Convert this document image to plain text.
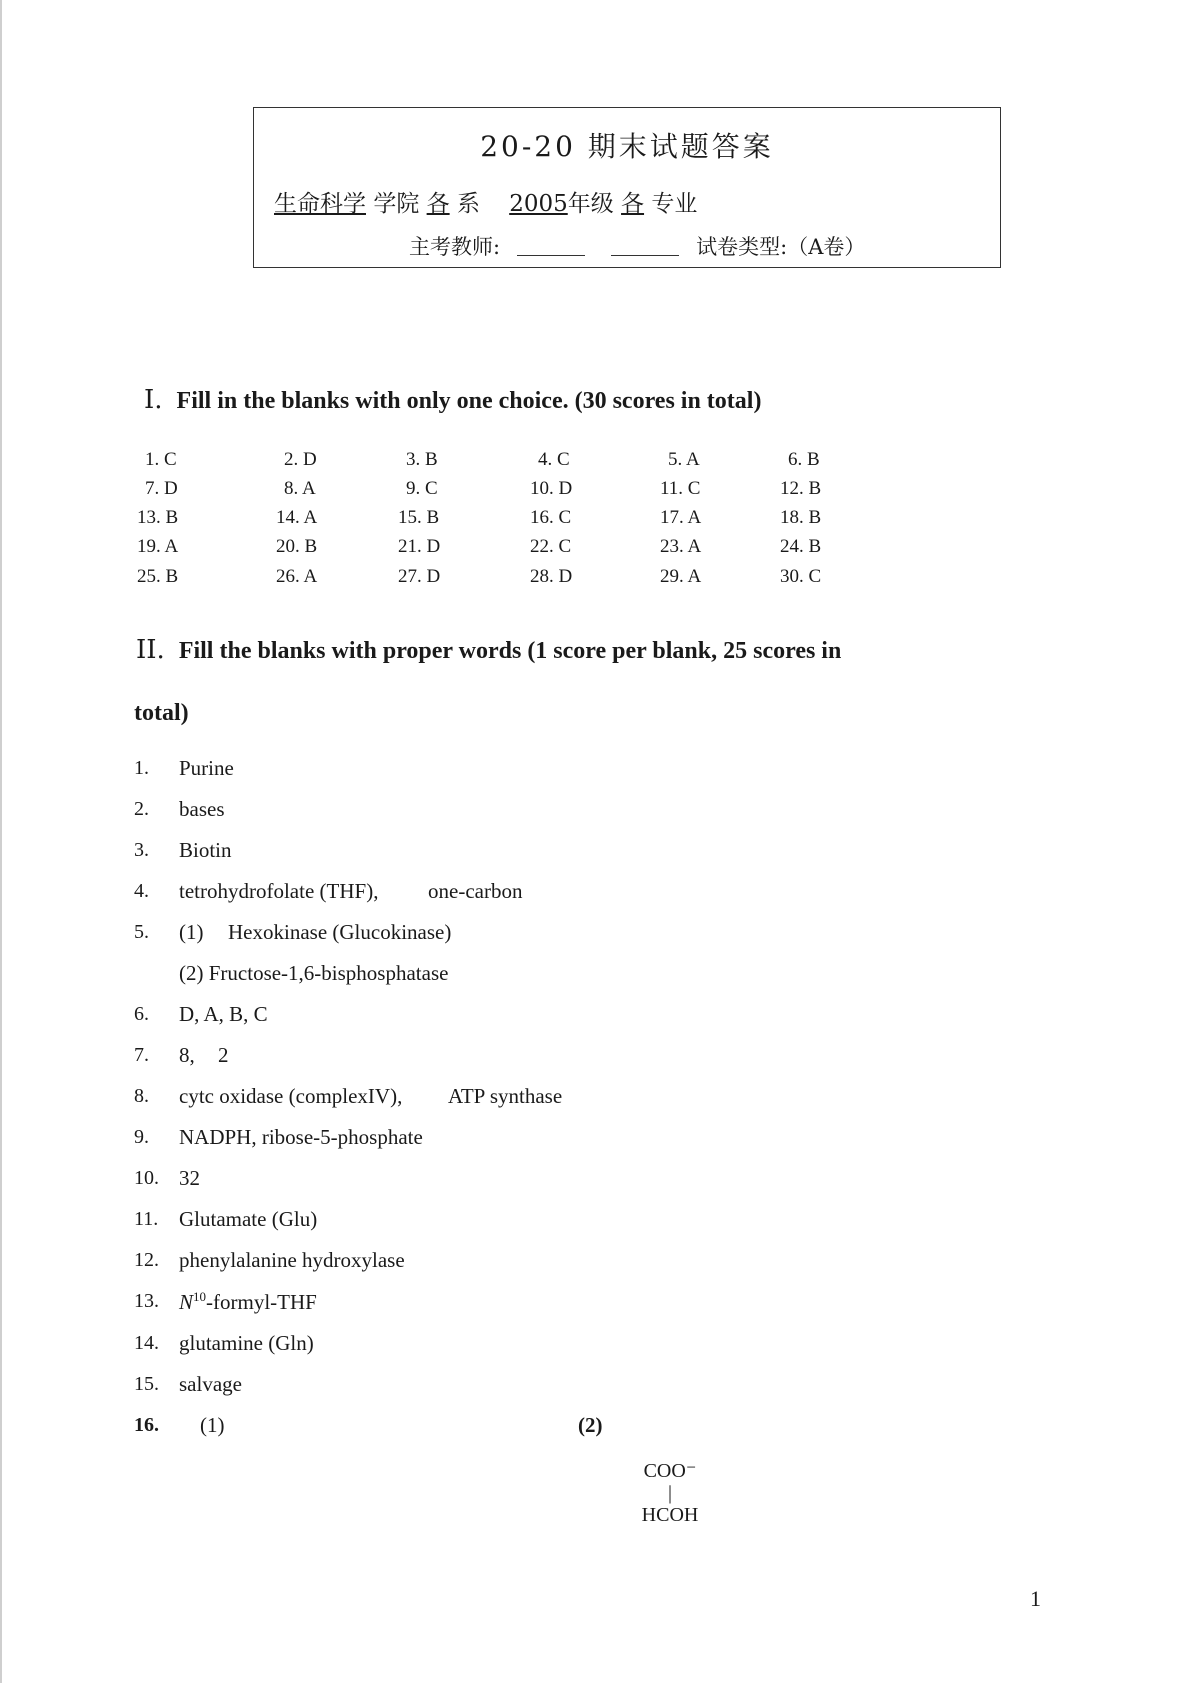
20-20 期末试题答案
生命科学 学院 各 系 2005年级 各 专业
主考教师:	试卷类型:（A卷）
I. Fill in the blanks with only one choice. (30 scores in total)
1. C	2. D	3. B	4. C	5. A	6. B
7. D	8. A	9. C	10. D	11. C	12. B
13. B	14. A	15. B	16. C	17. A	18. B
19. A	20. B	21. D	22. C	23. A	24. B
25. B	26. A	27. D	28. D	29. A	30. C
II. Fill the blanks with proper words (1 score per blank, 25 scores in
total)
1. Purine
2. bases
3. Biotin
4. tetrohydrofolate (THF), one-carbon
5. (1) Hexokinase (Glucokinase)
(2) Fructose-1,6-bisphosphatase
6. D, A, B, C
7. 8, 2
8. cytc oxidase (complexIV), ATP synthase
9. NADPH, ribose-5-phosphate
10. 32
11. Glutamate (Glu)
12. phenylalanine hydroxylase
13. $N^{10}-formyl$-THF
14. glutamine (Gln)
15. salvage
16. (1)	(2)
COO⁻
|
HCOH
1
